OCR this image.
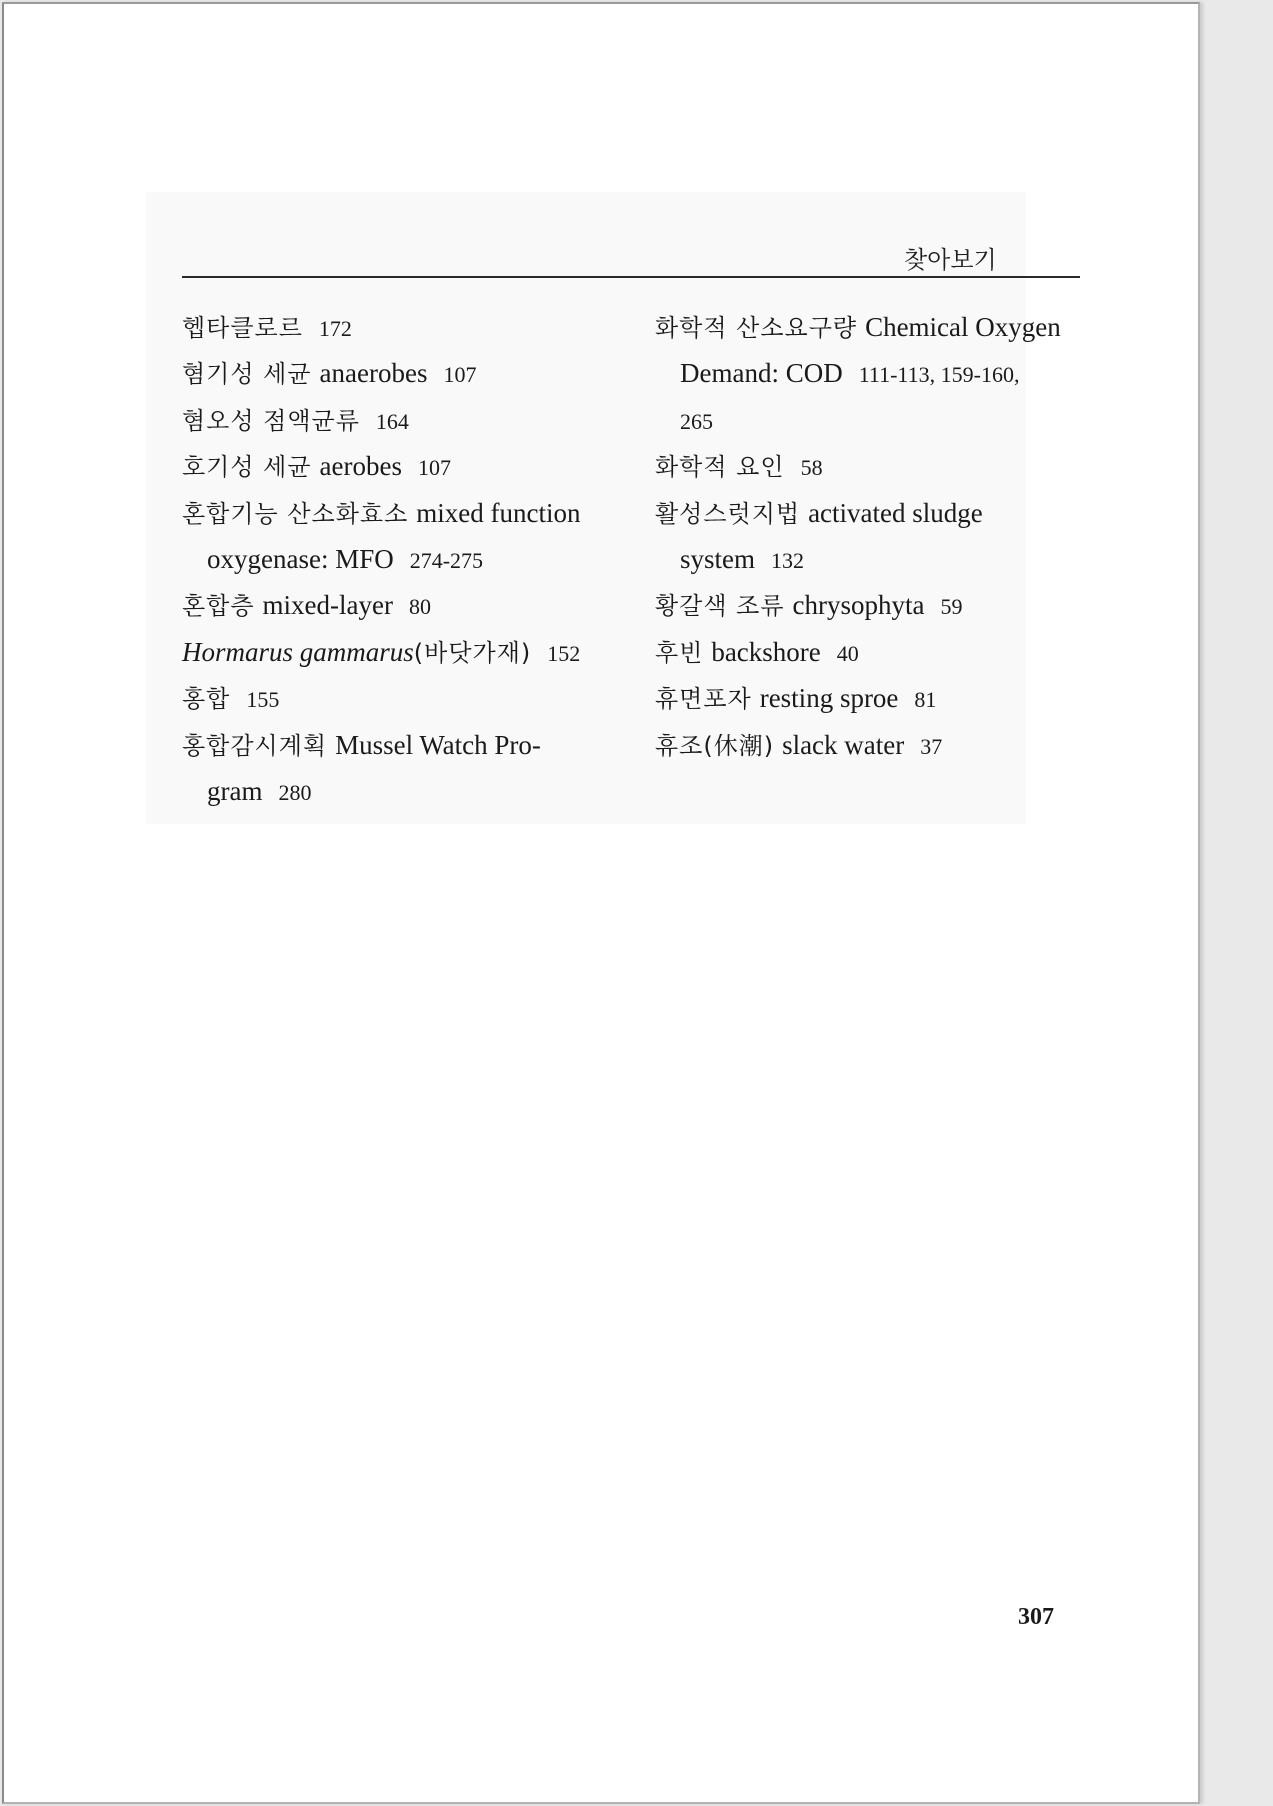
찾아보기
헵타클로르 172
혐기성 세균 anaerobes 107
혐오성 점액균류 164
호기성 세균 aerobes 107
혼합기능 산소화효소 mixed function
oxygenase: MFO 274-275
혼합층 mixed-layer 80
Hormarus gammarus(바닷가재) 152
홍합 155
홍합감시계획 Mussel Watch Pro-
gram 280
화학적 산소요구량 Chemical Oxygen
Demand: COD 111-113, 159-160,
265
화학적 요인 58
활성스럿지법 activated sludge
system 132
황갈색 조류 chrysophyta 59
후빈 backshore 40
휴면포자 resting sproe 81
휴조(休潮) slack water 37
307
